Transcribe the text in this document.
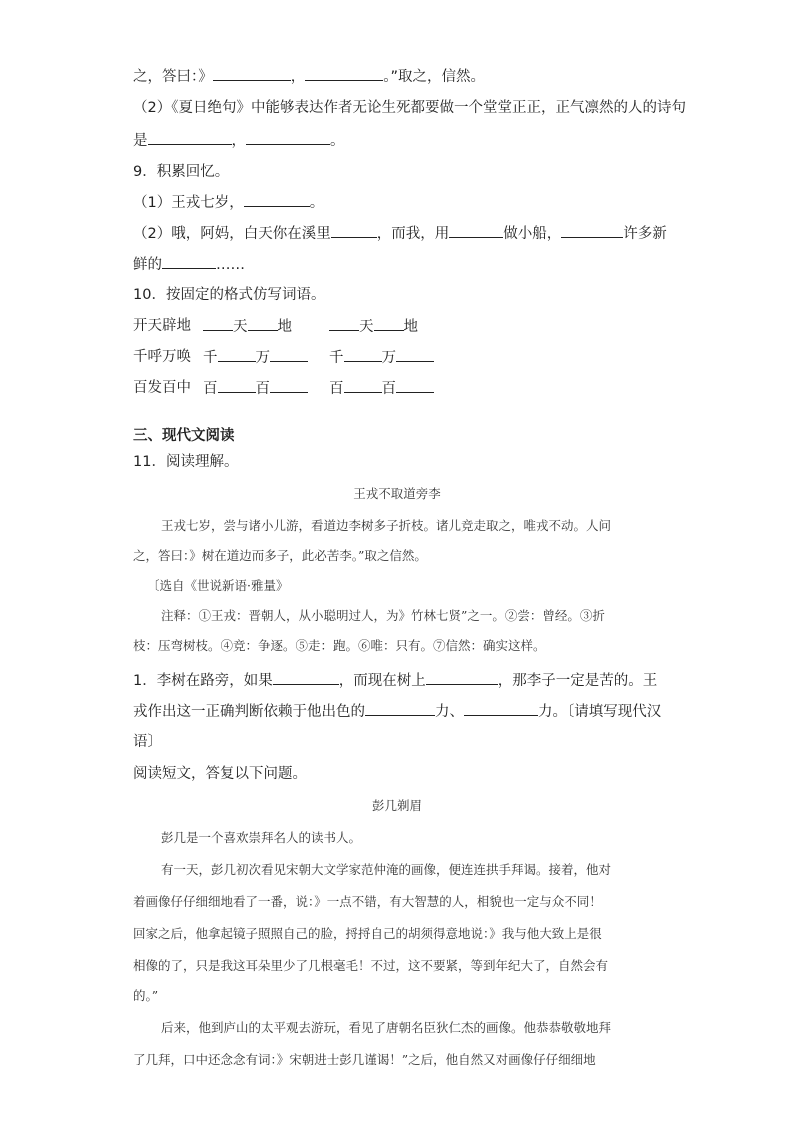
之，答曰：》	，	。”取之，信然。
（2）《夏日绝句》中能够表达作者无论生死都要做一个堂堂正正，正气凛然的人的诗句
是	，	。
9．积累回忆。
（1）王戎七岁，	。
（2）哦，阿妈，白天你在溪里	，而我，用	做小船，	许多新
鲜的	……
10．按固定的格式仿写词语。
开天辟地	天 地	天 地
千呼万唤 千	万	千	万
百发百中 百	百	百	百
三、现代文阅读
11．阅读理解。
王戎不取道旁李
王戎七岁，尝与诸小儿游，看道边李树多子折枝。诸儿竞走取之，唯戎不动。人问
之，答曰：》树在道边而多子，此必苦李。”取之信然。
〔选自《世说新语·雅量》
注释：①王戎：晋朝人，从小聪明过人，为》竹林七贤”之一。②尝：曾经。③折
枝：压弯树枝。④竞：争逐。⑤走：跑。⑥唯：只有。⑦信然：确实这样。
1．李树在路旁，如果	，而现在树上	，那李子一定是苦的。王
戎作出这一正确判断依赖于他出色的	力、	力。〔请填写现代汉
语〕
阅读短文，答复以下问题。
彭几剃眉
彭几是一个喜欢崇拜名人的读书人。
有一天，彭几初次看见宋朝大文学家范仲淹的画像，便连连拱手拜谒。接着，他对
着画像仔仔细细地看了一番，说：》一点不错，有大智慧的人，相貌也一定与众不同！
回家之后，他拿起镜子照照自己的脸，捋捋自己的胡须得意地说：》我与他大致上是很
相像的了，只是我这耳朵里少了几根毫毛！不过，这不要紧，等到年纪大了，自然会有
的。”
后来，他到庐山的太平观去游玩，看见了唐朝名臣狄仁杰的画像。他恭恭敬敬地拜
了几拜，口中还念念有词：》宋朝进士彭几谨谒！”之后，他自然又对画像仔仔细细地
